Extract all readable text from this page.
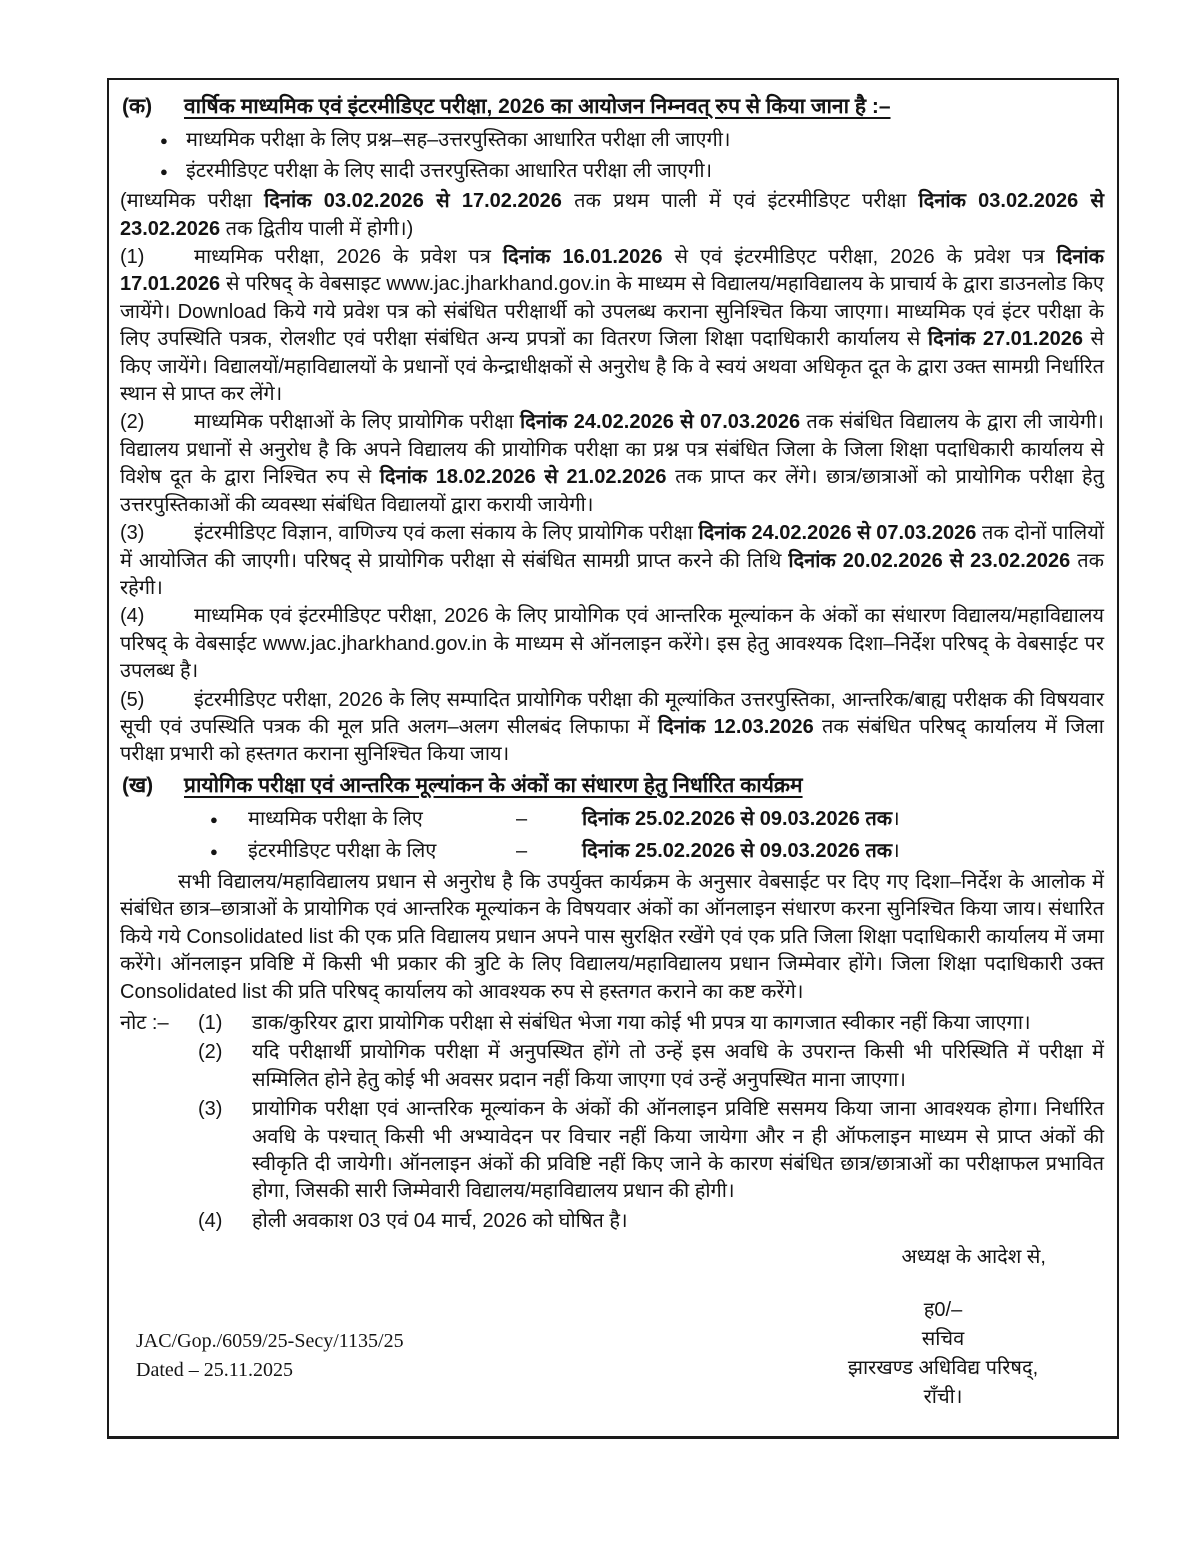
(क)	वार्षिक माध्यमिक एवं इंटरमीडिएट परीक्षा, 2026 का आयोजन निम्नवत् रुप से किया जाना है :–
● माध्यमिक परीक्षा के लिए प्रश्न–सह–उत्तरपुस्तिका आधारित परीक्षा ली जाएगी।
● इंटरमीडिएट परीक्षा के लिए सादी उत्तरपुस्तिका आधारित परीक्षा ली जाएगी।

(माध्यमिक परीक्षा दिनांक 03.02.2026 से 17.02.2026 तक प्रथम पाली में एवं इंटरमीडिएट परीक्षा दिनांक 03.02.2026 से 23.02.2026 तक द्वितीय पाली में होगी।)

(1) माध्यमिक परीक्षा, 2026 के प्रवेश पत्र दिनांक 16.01.2026 से एवं इंटरमीडिएट परीक्षा, 2026 के प्रवेश पत्र दिनांक 17.01.2026 से परिषद् के वेबसाइट www.jac.jharkhand.gov.in के माध्यम से विद्यालय/महाविद्यालय के प्राचार्य के द्वारा डाउनलोड किए जायेंगे। Download किये गये प्रवेश पत्र को संबंधित परीक्षार्थी को उपलब्ध कराना सुनिश्चित किया जाएगा। माध्यमिक एवं इंटर परीक्षा के लिए उपस्थिति पत्रक, रोलशीट एवं परीक्षा संबंधित अन्य प्रपत्रों का वितरण जिला शिक्षा पदाधिकारी कार्यालय से दिनांक 27.01.2026 से किए जायेंगे। विद्यालयों/महाविद्यालयों के प्रधानों एवं केन्द्राधीक्षकों से अनुरोध है कि वे स्वयं अथवा अधिकृत दूत के द्वारा उक्त सामग्री निर्धारित स्थान से प्राप्त कर लेंगे।

(2) माध्यमिक परीक्षाओं के लिए प्रायोगिक परीक्षा दिनांक 24.02.2026 से 07.03.2026 तक संबंधित विद्यालय के द्वारा ली जायेगी। विद्यालय प्रधानों से अनुरोध है कि अपने विद्यालय की प्रायोगिक परीक्षा का प्रश्न पत्र संबंधित जिला के जिला शिक्षा पदाधिकारी कार्यालय से विशेष दूत के द्वारा निश्चित रुप से दिनांक 18.02.2026 से 21.02.2026 तक प्राप्त कर लेंगे। छात्र/छात्राओं को प्रायोगिक परीक्षा हेतु उत्तरपुस्तिकाओं की व्यवस्था संबंधित विद्यालयों द्वारा करायी जायेगी।

(3) इंटरमीडिएट विज्ञान, वाणिज्य एवं कला संकाय के लिए प्रायोगिक परीक्षा दिनांक 24.02.2026 से 07.03.2026 तक दोनों पालियों में आयोजित की जाएगी। परिषद् से प्रायोगिक परीक्षा से संबंधित सामग्री प्राप्त करने की तिथि दिनांक 20.02.2026 से 23.02.2026 तक रहेगी।

(4) माध्यमिक एवं इंटरमीडिएट परीक्षा, 2026 के लिए प्रायोगिक एवं आन्तरिक मूल्यांकन के अंकों का संधारण विद्यालय/महाविद्यालय परिषद् के वेबसाईट www.jac.jharkhand.gov.in के माध्यम से ऑनलाइन करेंगे। इस हेतु आवश्यक दिशा–निर्देश परिषद् के वेबसाईट पर उपलब्ध है।

(5) इंटरमीडिएट परीक्षा, 2026 के लिए सम्पादित प्रायोगिक परीक्षा की मूल्यांकित उत्तरपुस्तिका, आन्तरिक/बाह्य परीक्षक की विषयवार सूची एवं उपस्थिति पत्रक की मूल प्रति अलग–अलग सीलबंद लिफाफा में दिनांक 12.03.2026 तक संबंधित परिषद् कार्यालय में जिला परीक्षा प्रभारी को हस्तगत कराना सुनिश्चित किया जाय।

(ख)	प्रायोगिक परीक्षा एवं आन्तरिक मूल्यांकन के अंकों का संधारण हेतु निर्धारित कार्यक्रम
●	माध्यमिक परीक्षा के लिए	–	दिनांक 25.02.2026 से 09.03.2026 तक।
●	इंटरमीडिएट परीक्षा के लिए	–	दिनांक 25.02.2026 से 09.03.2026 तक।

सभी विद्यालय/महाविद्यालय प्रधान से अनुरोध है कि उपर्युक्त कार्यक्रम के अनुसार वेबसाईट पर दिए गए दिशा–निर्देश के आलोक में संबंधित छात्र–छात्राओं के प्रायोगिक एवं आन्तरिक मूल्यांकन के विषयवार अंकों का ऑनलाइन संधारण करना सुनिश्चित किया जाय। संधारित किये गये Consolidated list की एक प्रति विद्यालय प्रधान अपने पास सुरक्षित रखेंगे एवं एक प्रति जिला शिक्षा पदाधिकारी कार्यालय में जमा करेंगे। ऑनलाइन प्रविष्टि में किसी भी प्रकार की त्रुटि के लिए विद्यालय/महाविद्यालय प्रधान जिम्मेवार होंगे। जिला शिक्षा पदाधिकारी उक्त Consolidated list की प्रति परिषद् कार्यालय को आवश्यक रुप से हस्तगत कराने का कष्ट करेंगे।

नोट :–	(1)	डाक/कुरियर द्वारा प्रायोगिक परीक्षा से संबंधित भेजा गया कोई भी प्रपत्र या कागजात स्वीकार नहीं किया जाएगा।
(2)	यदि परीक्षार्थी प्रायोगिक परीक्षा में अनुपस्थित होंगे तो उन्हें इस अवधि के उपरान्त किसी भी परिस्थिति में परीक्षा में सम्मिलित होने हेतु कोई भी अवसर प्रदान नहीं किया जाएगा एवं उन्हें अनुपस्थित माना जाएगा।
(3)	प्रायोगिक परीक्षा एवं आन्तरिक मूल्यांकन के अंकों की ऑनलाइन प्रविष्टि ससमय किया जाना आवश्यक होगा। निर्धारित अवधि के पश्चात् किसी भी अभ्यावेदन पर विचार नहीं किया जायेगा और न ही ऑफलाइन माध्यम से प्राप्त अंकों की स्वीकृति दी जायेगी। ऑनलाइन अंकों की प्रविष्टि नहीं किए जाने के कारण संबंधित छात्र/छात्राओं का परीक्षाफल प्रभावित होगा, जिसकी सारी जिम्मेवारी विद्यालय/महाविद्यालय प्रधान की होगी।
(4)	होली अवकाश 03 एवं 04 मार्च, 2026 को घोषित है।
अध्यक्ष के आदेश से,
JAC/Gop./6059/25-Secy/1135/25
Dated – 25.11.2025
ह0/–
सचिव
झारखण्ड अधिविद्य परिषद्,
राँची।
